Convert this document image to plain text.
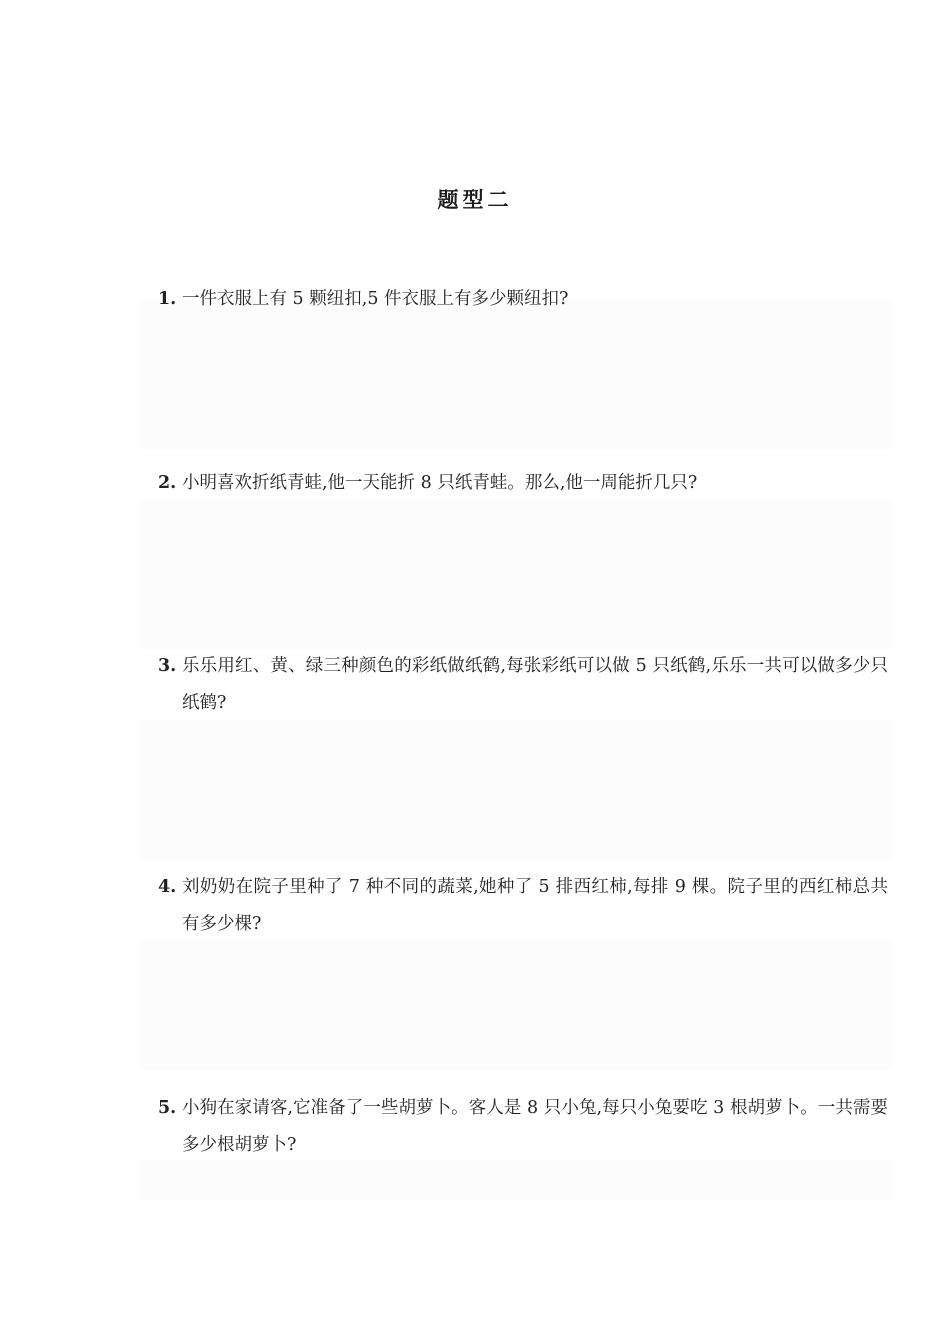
题型二
1. 一件衣服上有 5 颗纽扣,5 件衣服上有多少颗纽扣?
2. 小明喜欢折纸青蛙,他一天能折 8 只纸青蛙。那么,他一周能折几只?
3. 乐乐用红、黄、绿三种颜色的彩纸做纸鹤,每张彩纸可以做 5 只纸鹤,乐乐一共可以做多少只纸鹤?
4. 刘奶奶在院子里种了 7 种不同的蔬菜,她种了 5 排西红柿,每排 9 棵。院子里的西红柿总共有多少棵?
5. 小狗在家请客,它准备了一些胡萝卜。客人是 8 只小兔,每只小兔要吃 3 根胡萝卜。一共需要多少根胡萝卜?
